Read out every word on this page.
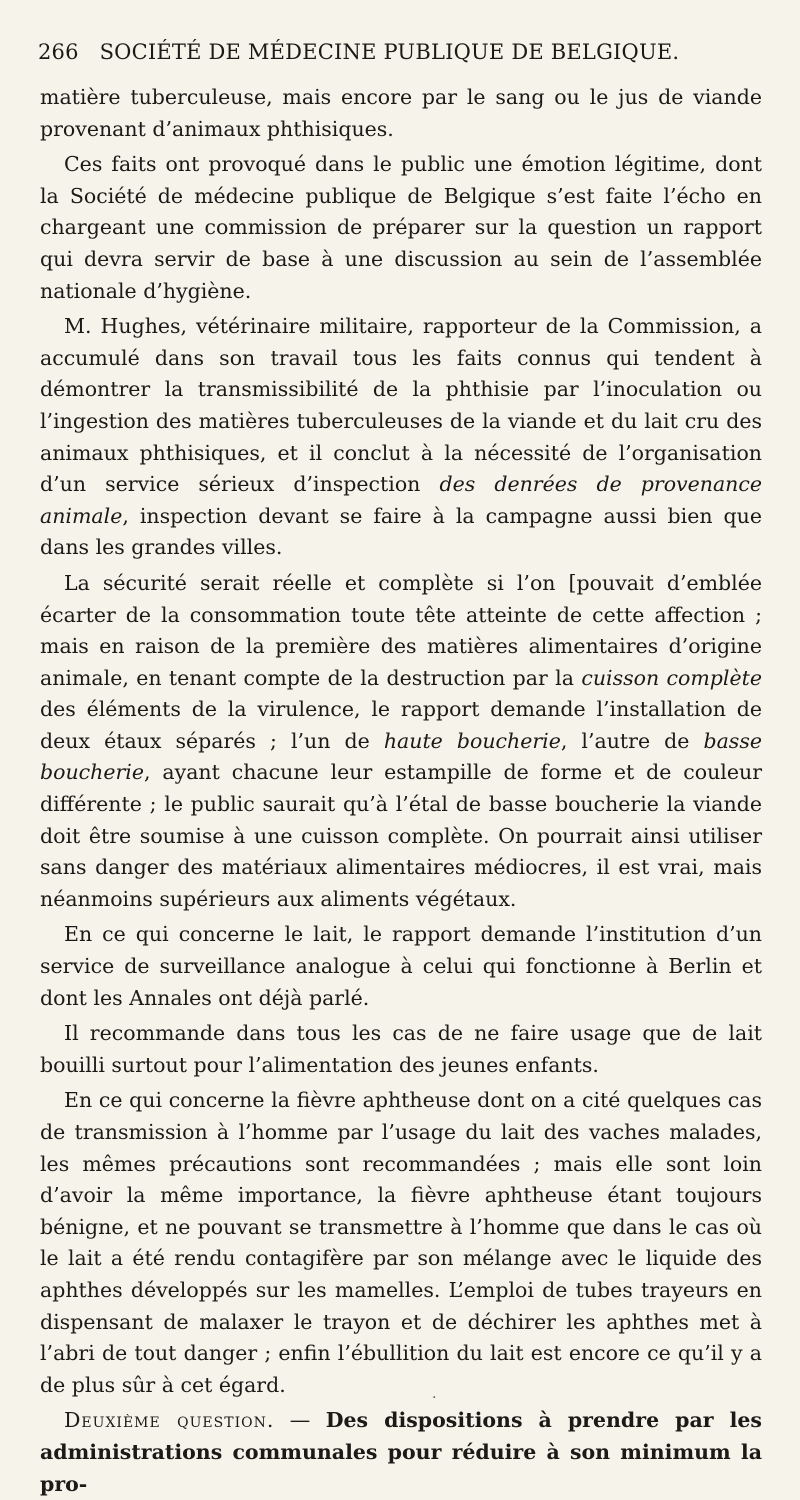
266 SOCIÉTÉ DE MÉDECINE PUBLIQUE DE BELGIQUE.

matière tuberculeuse, mais encore par le sang ou le jus de viande provenant d’animaux phthisiques.

Ces faits ont provoqué dans le public une émotion légitime, dont la Société de médecine publique de Belgique s’est faite l’écho en chargeant une commission de préparer sur la question un rapport qui devra servir de base à une discussion au sein de l’assemblée nationale d’hygiène.

M. Hughes, vétérinaire militaire, rapporteur de la Commission, a accumulé dans son travail tous les faits connus qui tendent à démontrer la transmissibilité de la phthisie par l’inoculation ou l’ingestion des matières tuberculeuses de la viande et du lait cru des animaux phthisiques, et il conclut à la nécessité de l’organisation d’un service sérieux d’inspection des denrées de provenance animale, inspection devant se faire à la campagne aussi bien que dans les grandes villes.

La sécurité serait réelle et complète si l’on [pouvait d’emblée écarter de la consommation toute tête atteinte de cette affection ; mais en raison de la première des matières alimentaires d’origine animale, en tenant compte de la destruction par la cuisson complète des éléments de la virulence, le rapport demande l’installation de deux étaux séparés ; l’un de haute boucherie, l’autre de basse boucherie, ayant chacune leur estampille de forme et de couleur différente ; le public saurait qu’à l’étal de basse boucherie la viande doit être soumise à une cuisson complète. On pourrait ainsi utiliser sans danger des matériaux alimentaires médiocres, il est vrai, mais néanmoins supérieurs aux aliments végétaux.

En ce qui concerne le lait, le rapport demande l’institution d’un service de surveillance analogue à celui qui fonctionne à Berlin et dont les Annales ont déjà parlé.

Il recommande dans tous les cas de ne faire usage que de lait bouilli surtout pour l’alimentation des jeunes enfants.

En ce qui concerne la fièvre aphtheuse dont on a cité quelques cas de transmission à l’homme par l’usage du lait des vaches malades, les mêmes précautions sont recommandées ; mais elle sont loin d’avoir la même importance, la fièvre aphtheuse étant toujours bénigne, et ne pouvant se transmettre à l’homme que dans le cas où le lait a été rendu contagifère par son mélange avec le liquide des aphthes développés sur les mamelles. L’emploi de tubes trayeurs en dispensant de malaxer le trayon et de déchirer les aphthes met à l’abri de tout danger ; enfin l’ébullition du lait est encore ce qu’il y a de plus sûr à cet égard.

Deuxième question. — Des dispositions à prendre par les administrations communales pour réduire à son minimum la pro-

.
